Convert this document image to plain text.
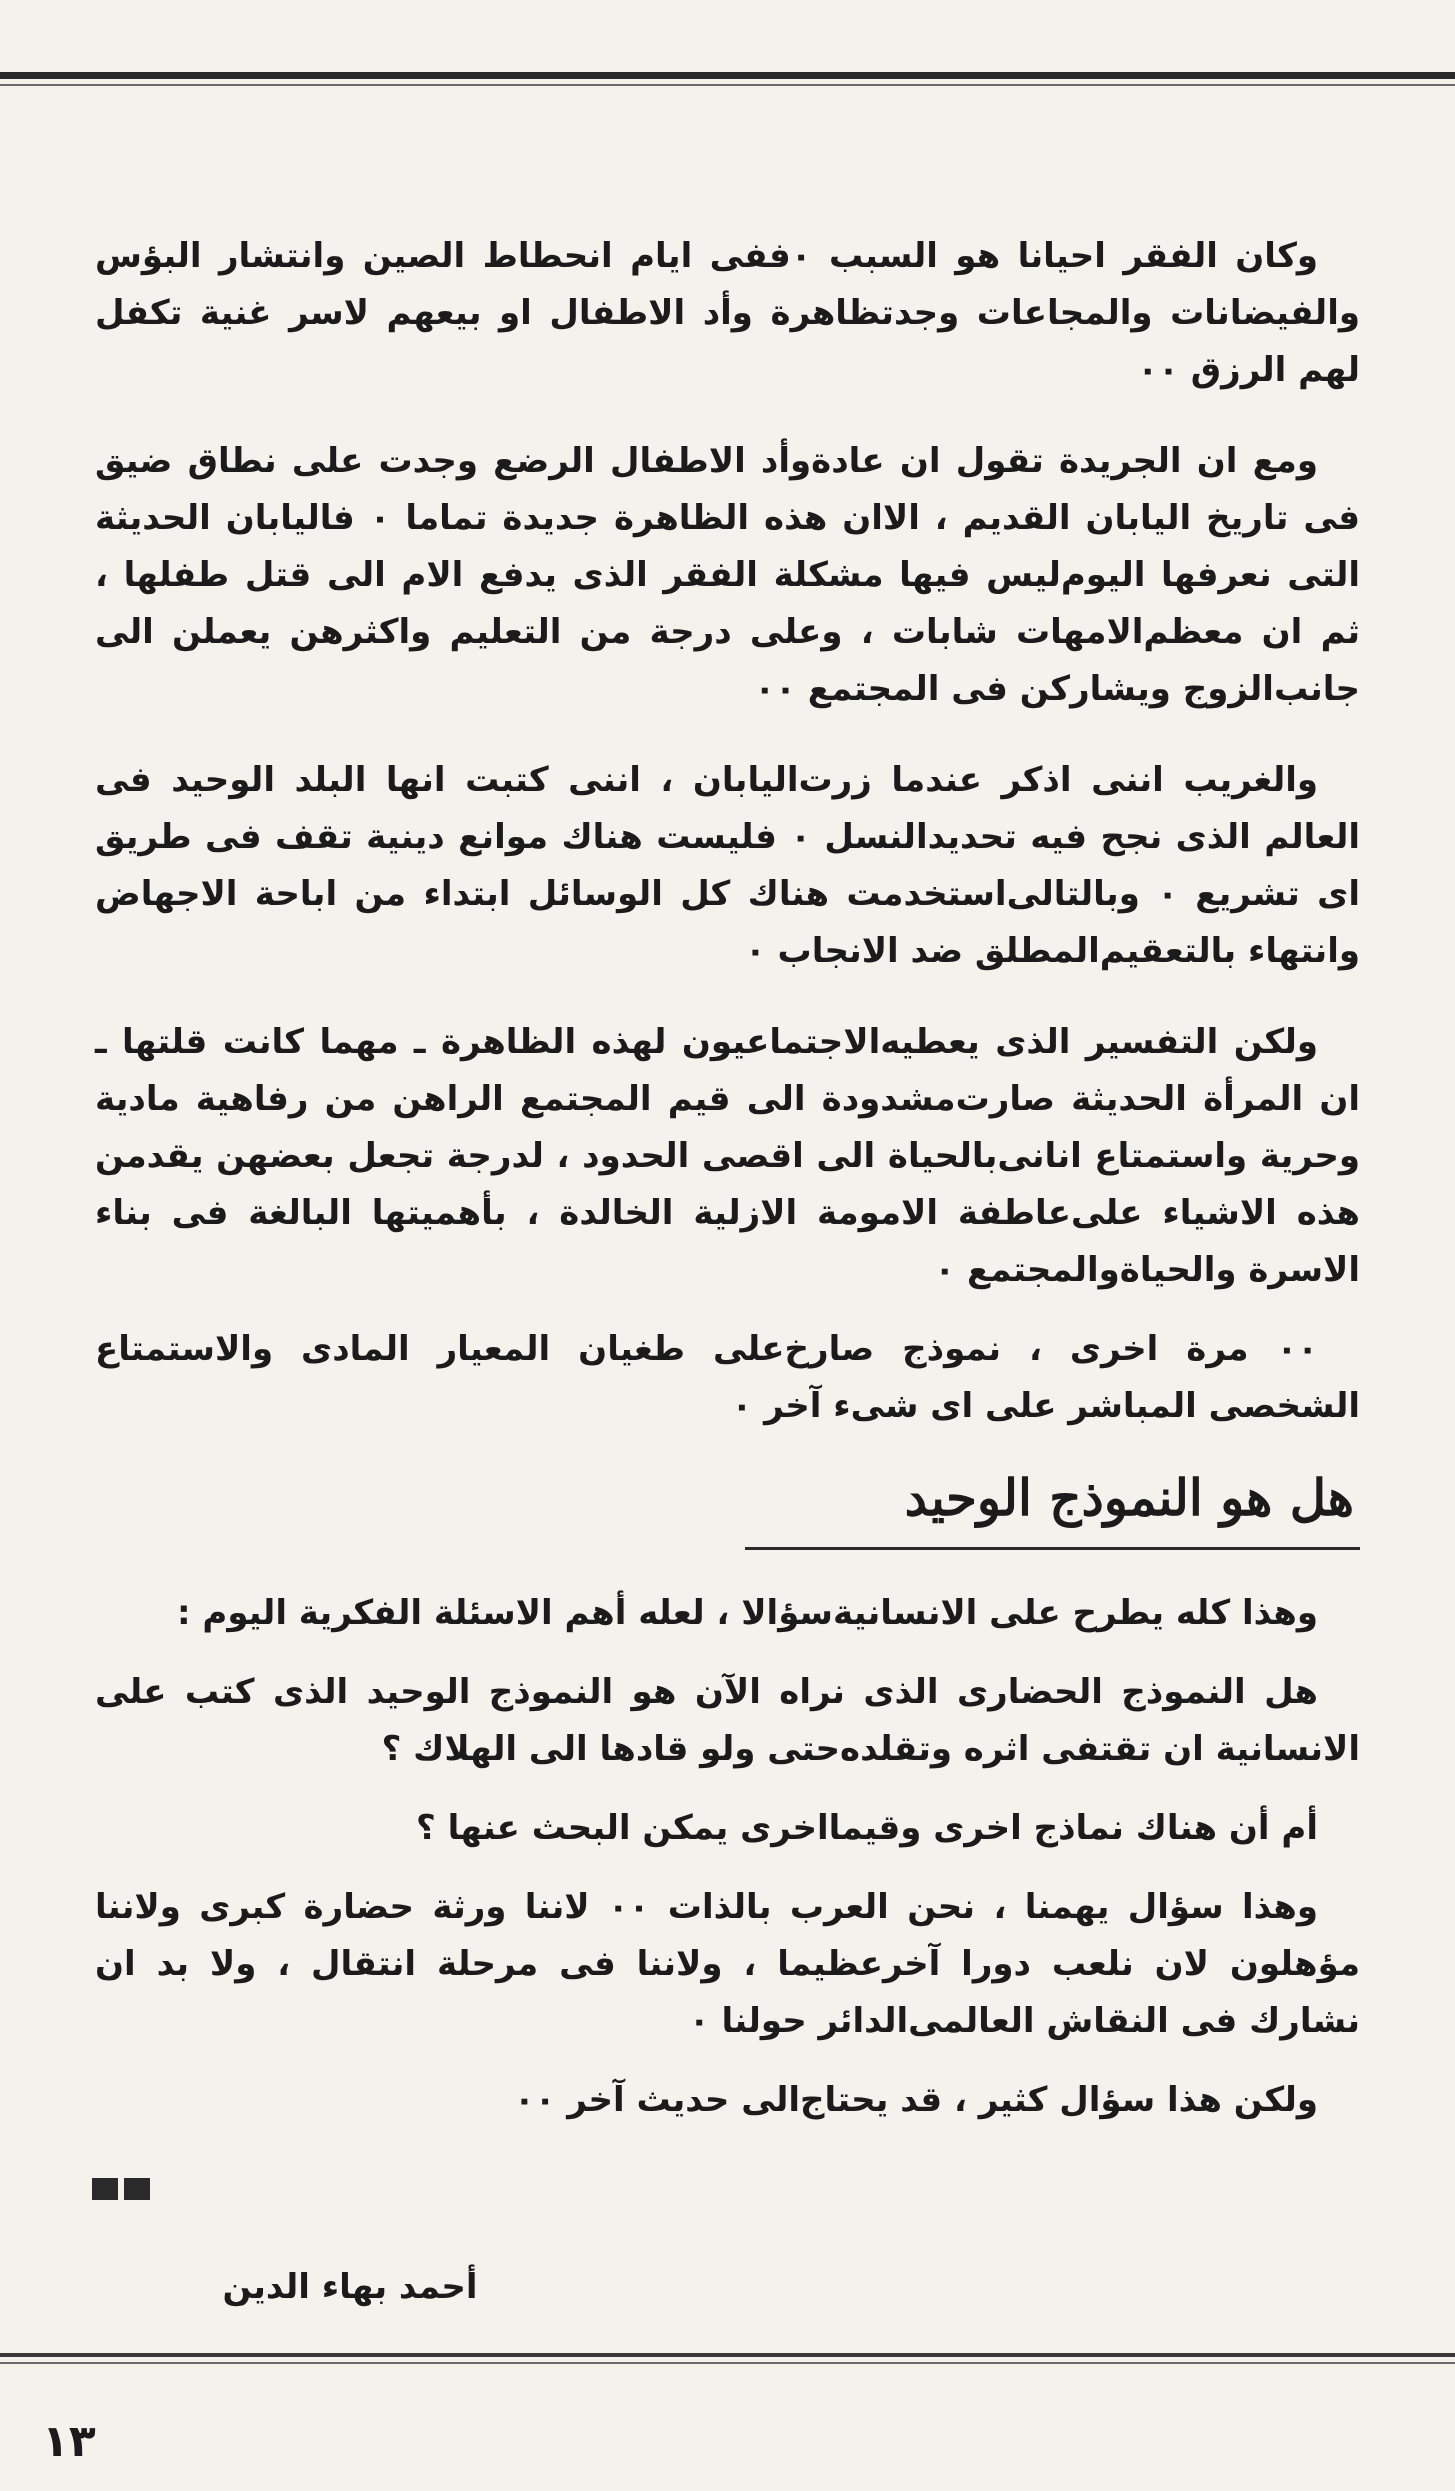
وكان الفقر احيانا هو السبب ٠ففى ايام انحطاط الصين وانتشار البؤس والفيضانات والمجاعات وجدتظاهرة وأد الاطفال او بيعهم لاسر غنية تكفل لهم الرزق ٠٠

ومع ان الجريدة تقول ان عادةوأد الاطفال الرضع وجدت على نطاق ضيق فى تاريخ اليابان القديم ، الاان هذه الظاهرة جديدة تماما ٠ فاليابان الحديثة التى نعرفها اليوم‌ليس فيها مشكلة الفقر الذى يدفع الام الى قتل طفلها ، ثم ان معظم‌الامهات شابات ، وعلى درجة من التعليم واكثرهن يعملن الى جانب‌الزوج ويشاركن فى المجتمع ٠٠

والغريب اننى اذكر عندما زرت‌اليابان ، اننى كتبت انها البلد الوحيد فى العالم الذى نجح فيه تحديدالنسل ٠ فليست هناك موانع دينية تقف فى طريق اى تشريع ٠ وبالتالى‌استخدمت هناك كل الوسائل ابتداء من اباحة الاجهاض وانتهاء بالتعقيم‌المطلق ضد الانجاب ٠

ولكن التفسير الذى يعطيه‌الاجتماعيون لهذه الظاهرة ـ مهما كانت قلتها ـ ان المرأة الحديثة صارت‌مشدودة الى قيم المجتمع الراهن من رفاهية مادية وحرية واستمتاع انانى‌بالحياة الى اقصى الحدود ، لدرجة تجعل بعضهن يقدمن هذه الاشياء على‌عاطفة الامومة الازلية الخالدة ، بأهميتها البالغة فى بناء الاسرة والحياة‌والمجتمع ٠

٠٠ مرة اخرى ، نموذج صارخ‌على طغيان المعيار المادى والاستمتاع الشخصى المباشر على اى شىء آخر ٠

هل هو النموذج الوحيد

وهذا كله يطرح على الانسانية‌سؤالا ، لعله أهم الاسئلة الفكرية اليوم :

هل النموذج الحضارى الذى نراه الآن هو النموذج الوحيد الذى كتب على الانسانية ان تقتفى اثره وتقلده‌حتى ولو قادها الى الهلاك ؟

أم أن هناك نماذج اخرى وقيما‌اخرى يمكن البحث عنها ؟

وهذا سؤال يهمنا ، نحن العرب بالذات ٠٠ لاننا ورثة حضارة كبرى ولاننا مؤهلون لان نلعب دورا آخرعظيما ، ولاننا فى مرحلة انتقال ، ولا بد ان نشارك فى النقاش العالمى‌الدائر حولنا ٠

ولكن هذا سؤال كثير ، قد يحتاج‌الى حديث آخر ٠٠

أحمد بهاء الدين
١٣
